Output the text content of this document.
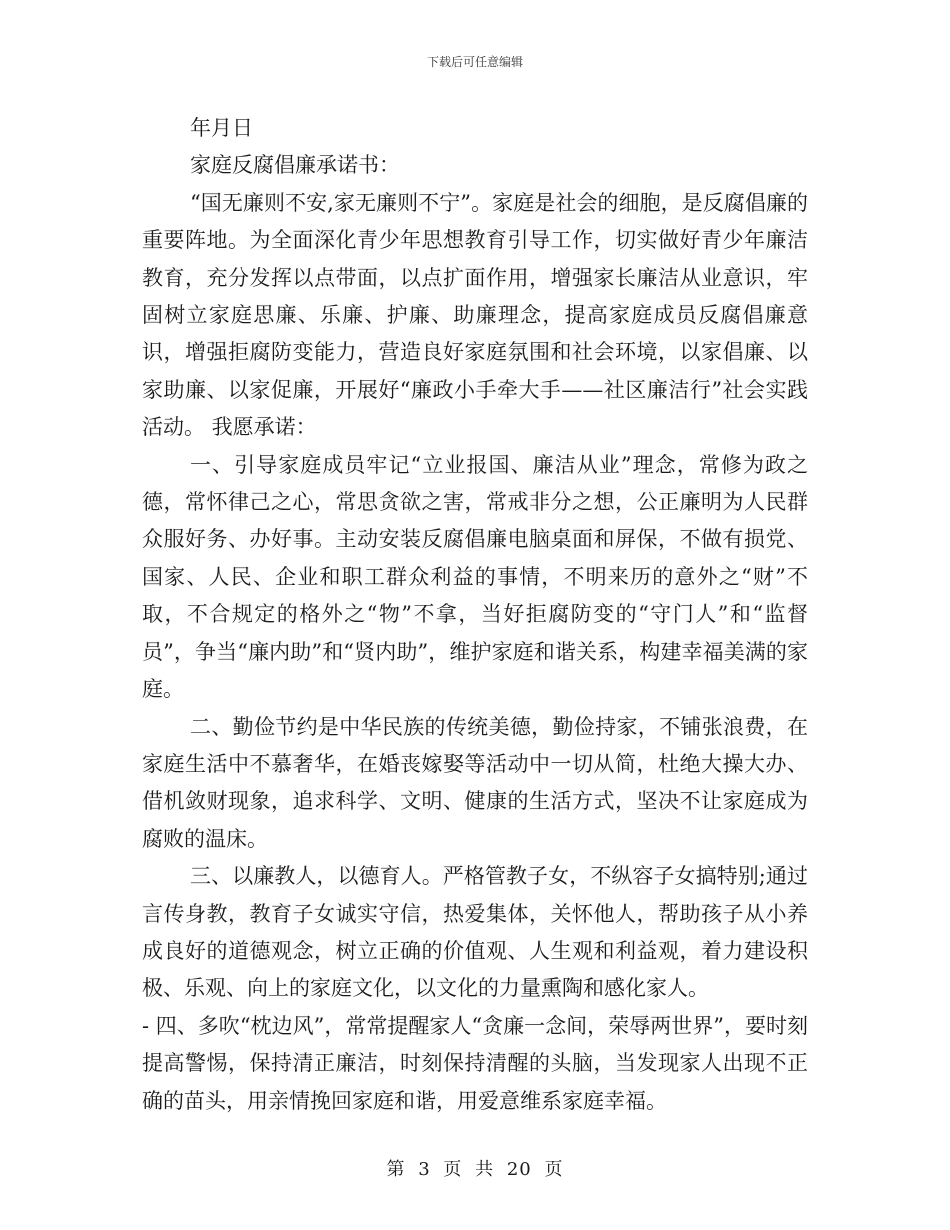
下载后可任意编辑

年月日

家庭反腐倡廉承诺书：

“国无廉则不安,家无廉则不宁”。家庭是社会的细胞，是反腐倡廉的重要阵地。为全面深化青少年思想教育引导工作，切实做好青少年廉洁教育，充分发挥以点带面，以点扩面作用，增强家长廉洁从业意识，牢固树立家庭思廉、乐廉、护廉、助廉理念，提高家庭成员反腐倡廉意识，增强拒腐防变能力，营造良好家庭氛围和社会环境，以家倡廉、以家助廉、以家促廉，开展好“廉政小手牵大手——社区廉洁行”社会实践活动。 我愿承诺：

一、引导家庭成员牢记“立业报国、廉洁从业”理念，常修为政之德，常怀律己之心，常思贪欲之害，常戒非分之想，公正廉明为人民群众服好务、办好事。主动安装反腐倡廉电脑桌面和屏保，不做有损党、国家、人民、企业和职工群众利益的事情，不明来历的意外之“财”不取，不合规定的格外之“物”不拿，当好拒腐防变的“守门人”和“监督员”，争当“廉内助”和“贤内助”，维护家庭和谐关系，构建幸福美满的家庭。

二、勤俭节约是中华民族的传统美德，勤俭持家，不铺张浪费，在家庭生活中不慕奢华，在婚丧嫁娶等活动中一切从简，杜绝大操大办、借机敛财现象，追求科学、文明、健康的生活方式，坚决不让家庭成为腐败的温床。

三、以廉教人，以德育人。严格管教子女，不纵容子女搞特别;通过言传身教，教育子女诚实守信，热爱集体，关怀他人，帮助孩子从小养成良好的道德观念，树立正确的价值观、人生观和利益观，着力建设积极、乐观、向上的家庭文化，以文化的力量熏陶和感化家人。

- 四、多吹“枕边风”，常常提醒家人“贪廉一念间，荣辱两世界”，要时刻提高警惕，保持清正廉洁，时刻保持清醒的头脑，当发现家人出现不正确的苗头，用亲情挽回家庭和谐，用爱意维系家庭幸福。

第 3 页 共 20 页
